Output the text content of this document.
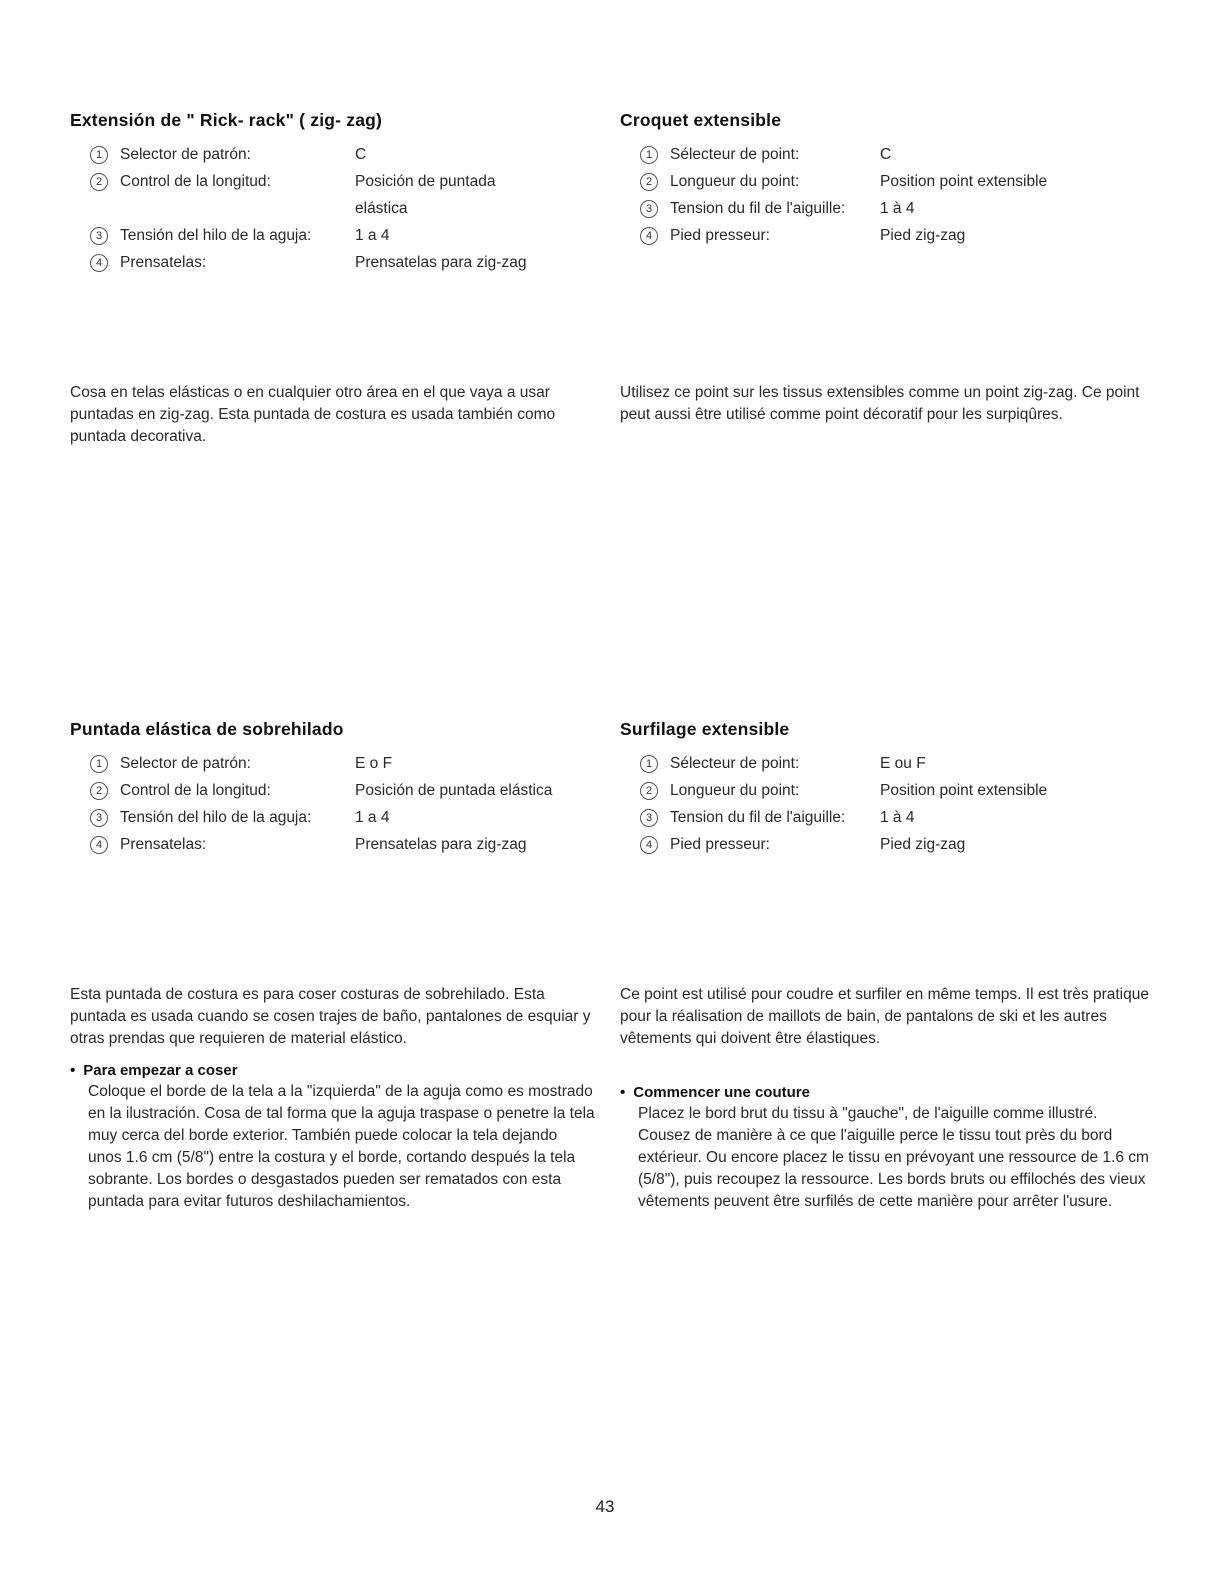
Extensión de " Rick- rack" ( zig- zag)
1	Selector de patrón:	C
2	Control de la longitud:	Posición de puntada elástica
3	Tensión del hilo de la aguja:	1 a 4
4	Prensatelas:	Prensatelas para zig-zag

Cosa en telas elásticas o en cualquier otro área en el que vaya a usar puntadas en zig-zag. Esta puntada de costura es usada también como puntada decorativa.

Croquet extensible
1	Sélecteur de point:	C
2	Longueur du point:	Position point extensible
3	Tension du fil de l'aiguille:	1 à 4
4	Pied presseur:	Pied zig-zag

Utilisez ce point sur les tissus extensibles comme un point zig-zag. Ce point peut aussi être utilisé comme point décoratif pour les surpiqûres.

Puntada elástica de sobrehilado
1	Selector de patrón:	E o F
2	Control de la longitud:	Posición de puntada elástica
3	Tensión del hilo de la aguja:	1 a 4
4	Prensatelas:	Prensatelas para zig-zag

Esta puntada de costura es para coser costuras de sobrehilado. Esta puntada es usada cuando se cosen trajes de baño, pantalones de esquiar y otras prendas que requieren de material elástico.

• Para empezar a coser

Coloque el borde de la tela a la "izquierda" de la aguja como es mostrado en la ilustración. Cosa de tal forma que la aguja traspase o penetre la tela muy cerca del borde exterior. También puede colocar la tela dejando unos 1.6 cm (5/8") entre la costura y el borde, cortando después la tela sobrante. Los bordes o desgastados pueden ser rematados con esta puntada para evitar futuros deshilachamientos.

Surfilage extensible
1	Sélecteur de point:	E ou F
2	Longueur du point:	Position point extensible
3	Tension du fil de l'aiguille:	1 à 4
4	Pied presseur:	Pied zig-zag

Ce point est utilisé pour coudre et surfiler en même temps. Il est très pratique pour la réalisation de maillots de bain, de pantalons de ski et les autres vêtements qui doivent être élastiques.

• Commencer une couture

Placez le bord brut du tissu à "gauche", de l'aiguille comme illustré. Cousez de manière à ce que l'aiguille perce le tissu tout près du bord extérieur. Ou encore placez le tissu en prévoyant une ressource de 1.6 cm (5/8"), puis recoupez la ressource. Les bords bruts ou effilochés des vieux vêtements peuvent être surfilés de cette manière pour arrêter l'usure.

43
